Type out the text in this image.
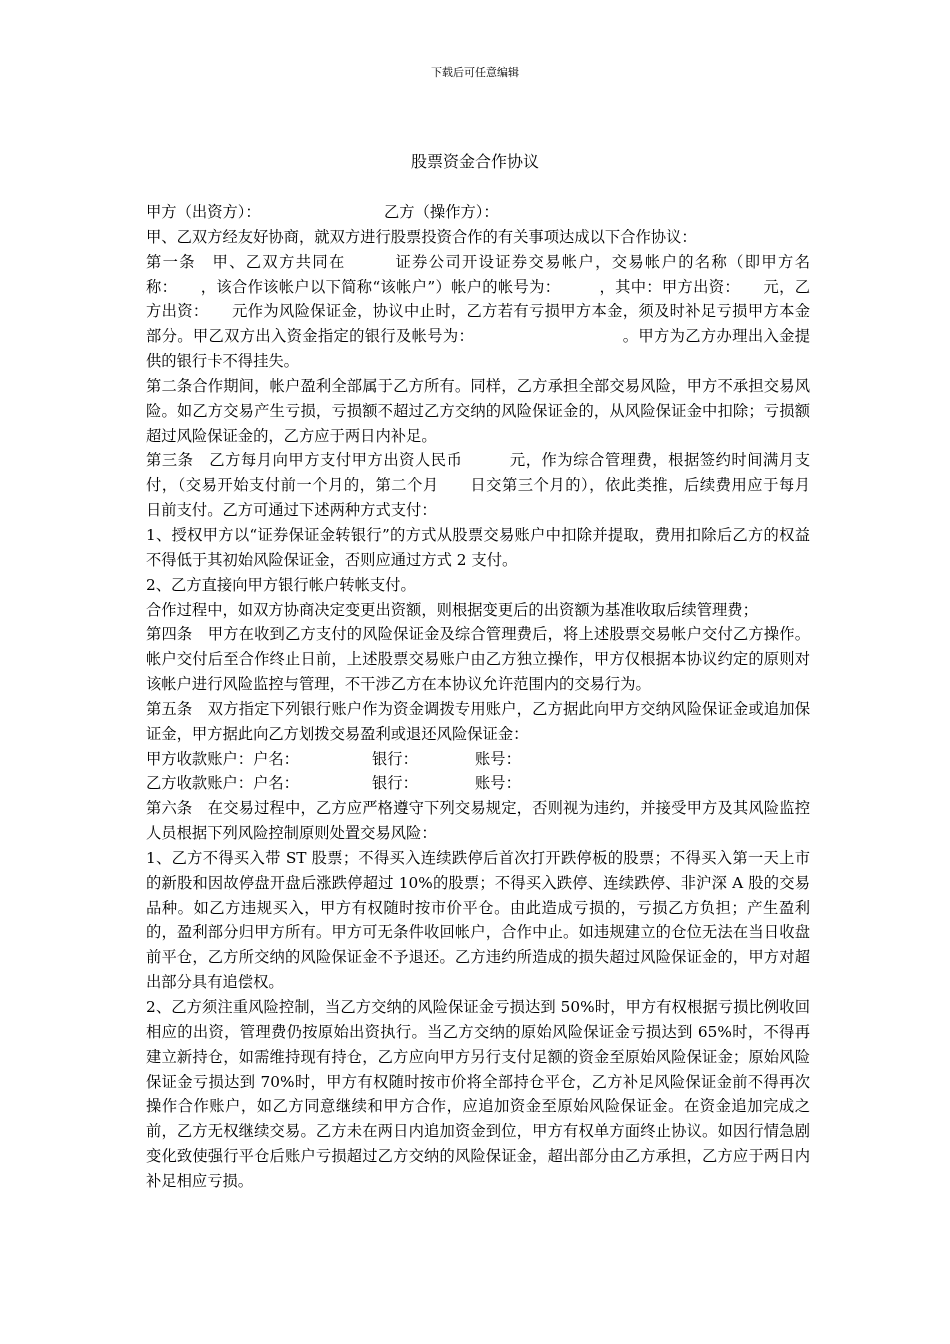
下载后可任意编辑
股票资金合作协议

甲方（出资方）：	乙方（操作方）：

甲、乙双方经友好协商，就双方进行股票投资合作的有关事项达成以下合作协议：

第一条　甲、乙双方共同在　　　证券公司开设证券交易帐户，交易帐户的名称（即甲方名称：　　，该合作该帐户以下简称“该帐户”）帐户的帐号为：　　　，其中：甲方出资：　　元，乙方出资：　　元作为风险保证金，协议中止时，乙方若有亏损甲方本金，须及时补足亏损甲方本金部分。甲乙双方出入资金指定的银行及帐号为：　　　　　　　　　　。甲方为乙方办理出入金提供的银行卡不得挂失。

第二条合作期间，帐户盈利全部属于乙方所有。同样，乙方承担全部交易风险，甲方不承担交易风险。如乙方交易产生亏损，亏损额不超过乙方交纳的风险保证金的，从风险保证金中扣除；亏损额超过风险保证金的，乙方应于两日内补足。

第三条　乙方每月向甲方支付甲方出资人民币　　　元，作为综合管理费，根据签约时间满月支付，（交易开始支付前一个月的，第二个月　　日交第三个月的），依此类推，后续费用应于每月　　日前支付。乙方可通过下述两种方式支付：

1、授权甲方以“证券保证金转银行”的方式从股票交易账户中扣除并提取，费用扣除后乙方的权益不得低于其初始风险保证金，否则应通过方式 2 支付。

2、乙方直接向甲方银行帐户转帐支付。

合作过程中，如双方协商决定变更出资额，则根据变更后的出资额为基准收取后续管理费；

第四条　甲方在收到乙方支付的风险保证金及综合管理费后，将上述股票交易帐户交付乙方操作。帐户交付后至合作终止日前，上述股票交易账户由乙方独立操作，甲方仅根据本协议约定的原则对该帐户进行风险监控与管理，不干涉乙方在本协议允许范围内的交易行为。

第五条　双方指定下列银行账户作为资金调拨专用账户，乙方据此向甲方交纳风险保证金或追加保证金，甲方据此向乙方划拨交易盈利或退还风险保证金：

甲方收款账户：户名：	银行：	账号：

乙方收款账户：户名：	银行：	账号：

第六条　在交易过程中，乙方应严格遵守下列交易规定，否则视为违约，并接受甲方及其风险监控人员根据下列风险控制原则处置交易风险：

1、乙方不得买入带 ST 股票；不得买入连续跌停后首次打开跌停板的股票；不得买入第一天上市的新股和因故停盘开盘后涨跌停超过 10%的股票；不得买入跌停、连续跌停、非沪深 A 股的交易品种。如乙方违规买入，甲方有权随时按市价平仓。由此造成亏损的，亏损乙方负担；产生盈利的，盈利部分归甲方所有。甲方可无条件收回帐户，合作中止。如违规建立的仓位无法在当日收盘前平仓，乙方所交纳的风险保证金不予退还。乙方违约所造成的损失超过风险保证金的，甲方对超出部分具有追偿权。

2、乙方须注重风险控制，当乙方交纳的风险保证金亏损达到 50%时，甲方有权根据亏损比例收回相应的出资，管理费仍按原始出资执行。当乙方交纳的原始风险保证金亏损达到 65%时，不得再建立新持仓，如需维持现有持仓，乙方应向甲方另行支付足额的资金至原始风险保证金；原始风险保证金亏损达到 70%时，甲方有权随时按市价将全部持仓平仓，乙方补足风险保证金前不得再次操作合作账户，如乙方同意继续和甲方合作，应追加资金至原始风险保证金。在资金追加完成之前，乙方无权继续交易。乙方未在两日内追加资金到位，甲方有权单方面终止协议。如因行情急剧变化致使强行平仓后账户亏损超过乙方交纳的风险保证金，超出部分由乙方承担，乙方应于两日内补足相应亏损。
